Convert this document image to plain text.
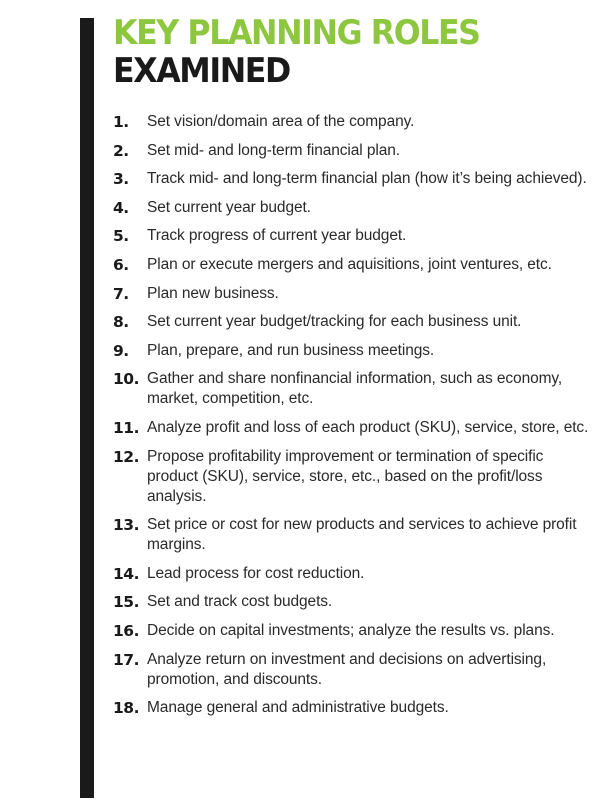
KEY PLANNING ROLES
EXAMINED
1.	Set vision/domain area of the company.
2.	Set mid- and long-term financial plan.
3.	Track mid- and long-term financial plan (how it’s being achieved).
4.	Set current year budget.
5.	Track progress of current year budget.
6.	Plan or execute mergers and aquisitions, joint ventures, etc.
7.	Plan new business.
8.	Set current year budget/tracking for each business unit.
9.	Plan, prepare, and run business meetings.
10. Gather and share nonfinancial information, such as economy, market, competition, etc.
11. Analyze profit and loss of each product (SKU), service, store, etc.
12. Propose profitability improvement or termination of specific product (SKU), service, store, etc., based on the profit/loss analysis.
13. Set price or cost for new products and services to achieve profit margins.
14. Lead process for cost reduction.
15. Set and track cost budgets.
16. Decide on capital investments; analyze the results vs. plans.
17. Analyze return on investment and decisions on advertising, promotion, and discounts.
18. Manage general and administrative budgets.
